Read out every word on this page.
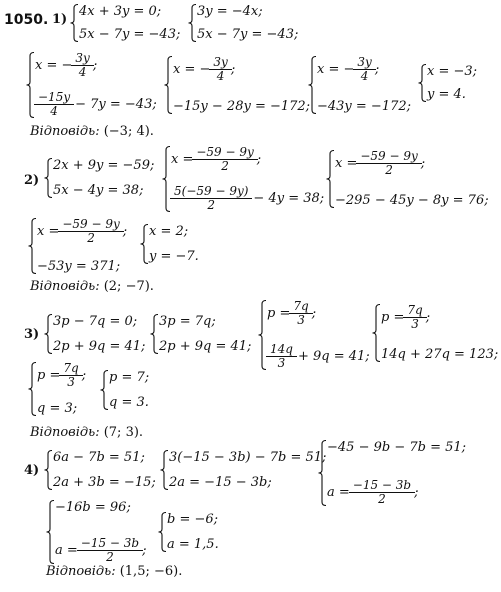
1050. 1)
4x + 3y = 0;
5x − 7y = −43;
3y = −4x;
5x − 7y = −43;
x = − $\frac{3y}{4}$ ;
$\frac{-15y}{4} - 7y = -43$;
x = − $\frac{3y}{4}$ ;
−15y − 28y = −172;
x = − $\frac{3y}{4}$ ;
−43y = −172;
x = −3;
y = 4.
Відповідь: (−3; 4).
2)
2x + 9y = −59;
5x − 4y = 38;
$x = \frac{-59 - 9y}{2}$ ;
$\frac{5(-59 - 9y)}{2} - 4y = 38$;
$x = \frac{-59 - 9y}{2}$ ;
−295 − 45y − 8y = 76;
$x = \frac{-59 - 9y}{2}$ ;
−53y = 371;
x = 2;
y = −7.
Відповідь: (2; −7).
3)
3p − 7q = 0;
2p + 9q = 41;
3p = 7q;
2p + 9q = 41;
$p = \frac{7q}{3}$ ;
$\frac{14q}{3} + 9q = 41$;
$p = \frac{7q}{3}$ ;
14q + 27q = 123;
$p = \frac{7q}{3}$ ;
q = 3;
p = 7;
q = 3.
Відповідь: (7; 3).
4)
6a − 7b = 51;
2a + 3b = −15;
3(−15 − 3b) − 7b = 51;
2a = −15 − 3b;
−45 − 9b − 7b = 51;
$a = \frac{-15 - 3b}{2}$ ;
−16b = 96;
$a = \frac{-15 - 3b}{2}$ ;
b = −6;
a = 1,5.
Відповідь: (1,5; −6).
